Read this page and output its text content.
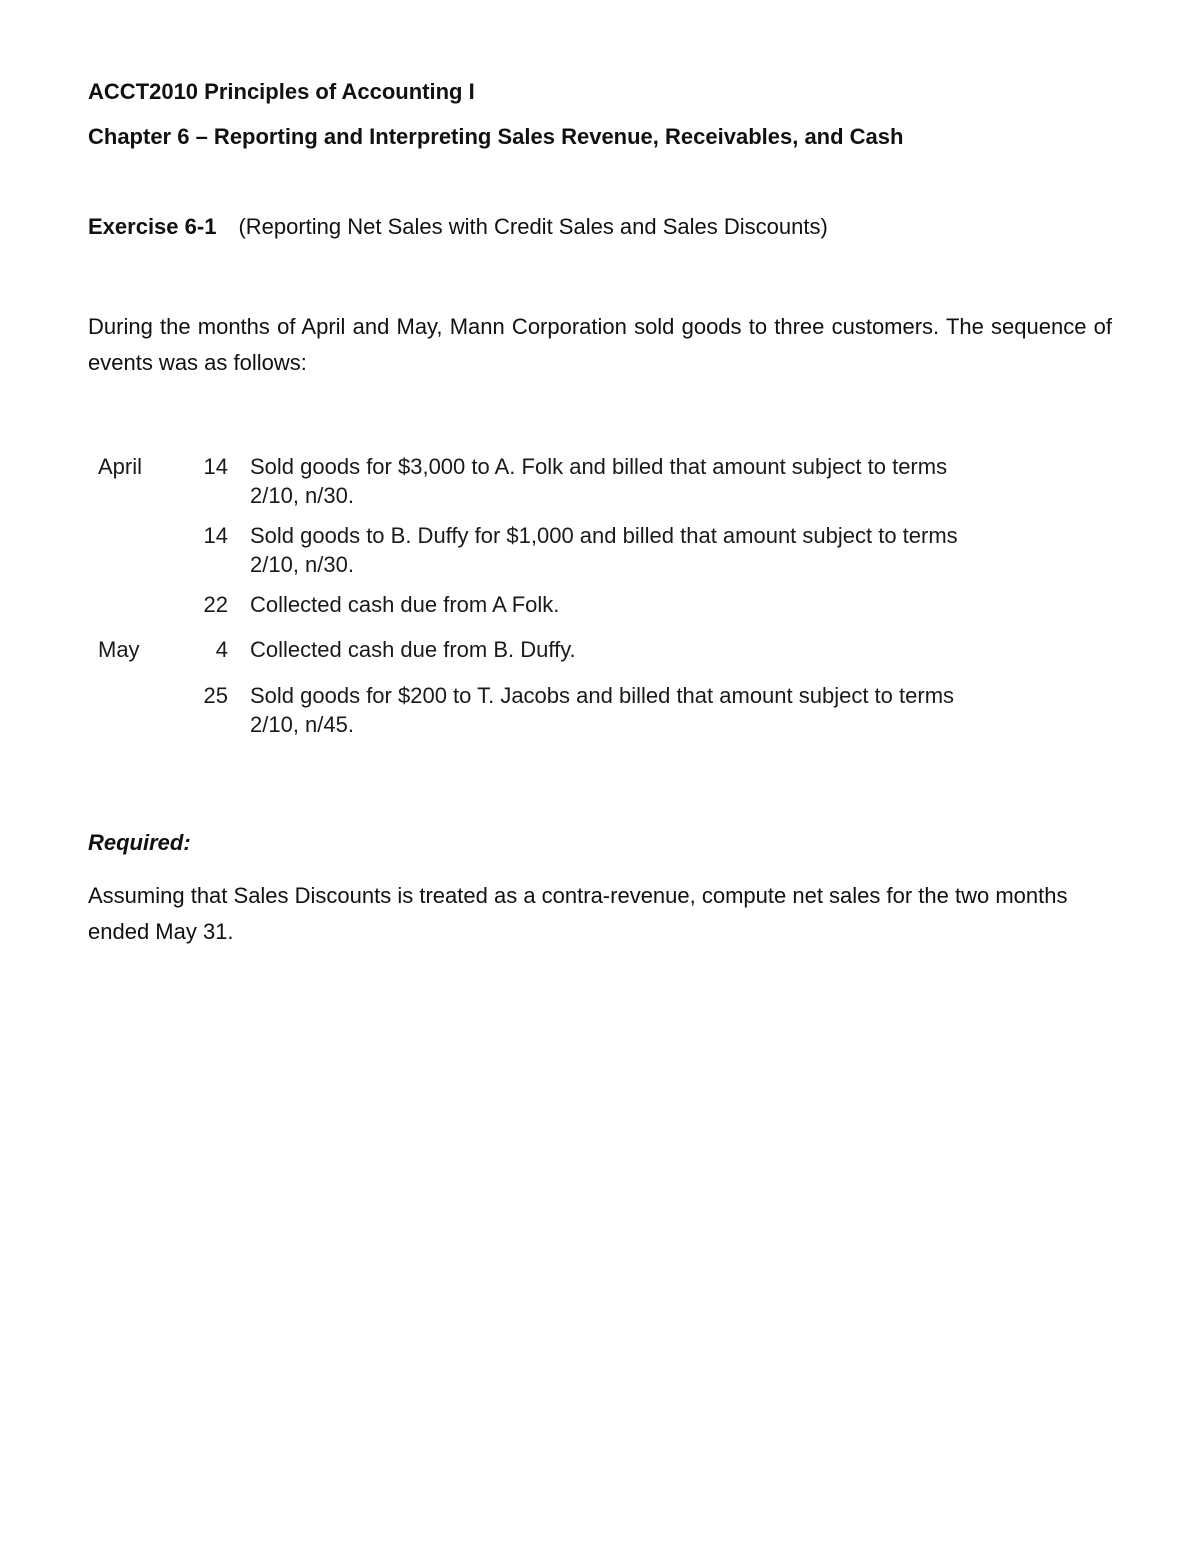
ACCT2010 Principles of Accounting I
Chapter 6 – Reporting and Interpreting Sales Revenue, Receivables, and Cash
Exercise 6-1 (Reporting Net Sales with Credit Sales and Sales Discounts)
During the months of April and May, Mann Corporation sold goods to three customers. The sequence of events was as follows:
April	14 Sold goods for $3,000 to A. Folk and billed that amount subject to terms 2/10, n/30.
14 Sold goods to B. Duffy for $1,000 and billed that amount subject to terms 2/10, n/30.
22 Collected cash due from A Folk.
May	4 Collected cash due from B. Duffy.
25 Sold goods for $200 to T. Jacobs and billed that amount subject to terms 2/10, n/45.
Required:
Assuming that Sales Discounts is treated as a contra-revenue, compute net sales for the two months ended May 31.
